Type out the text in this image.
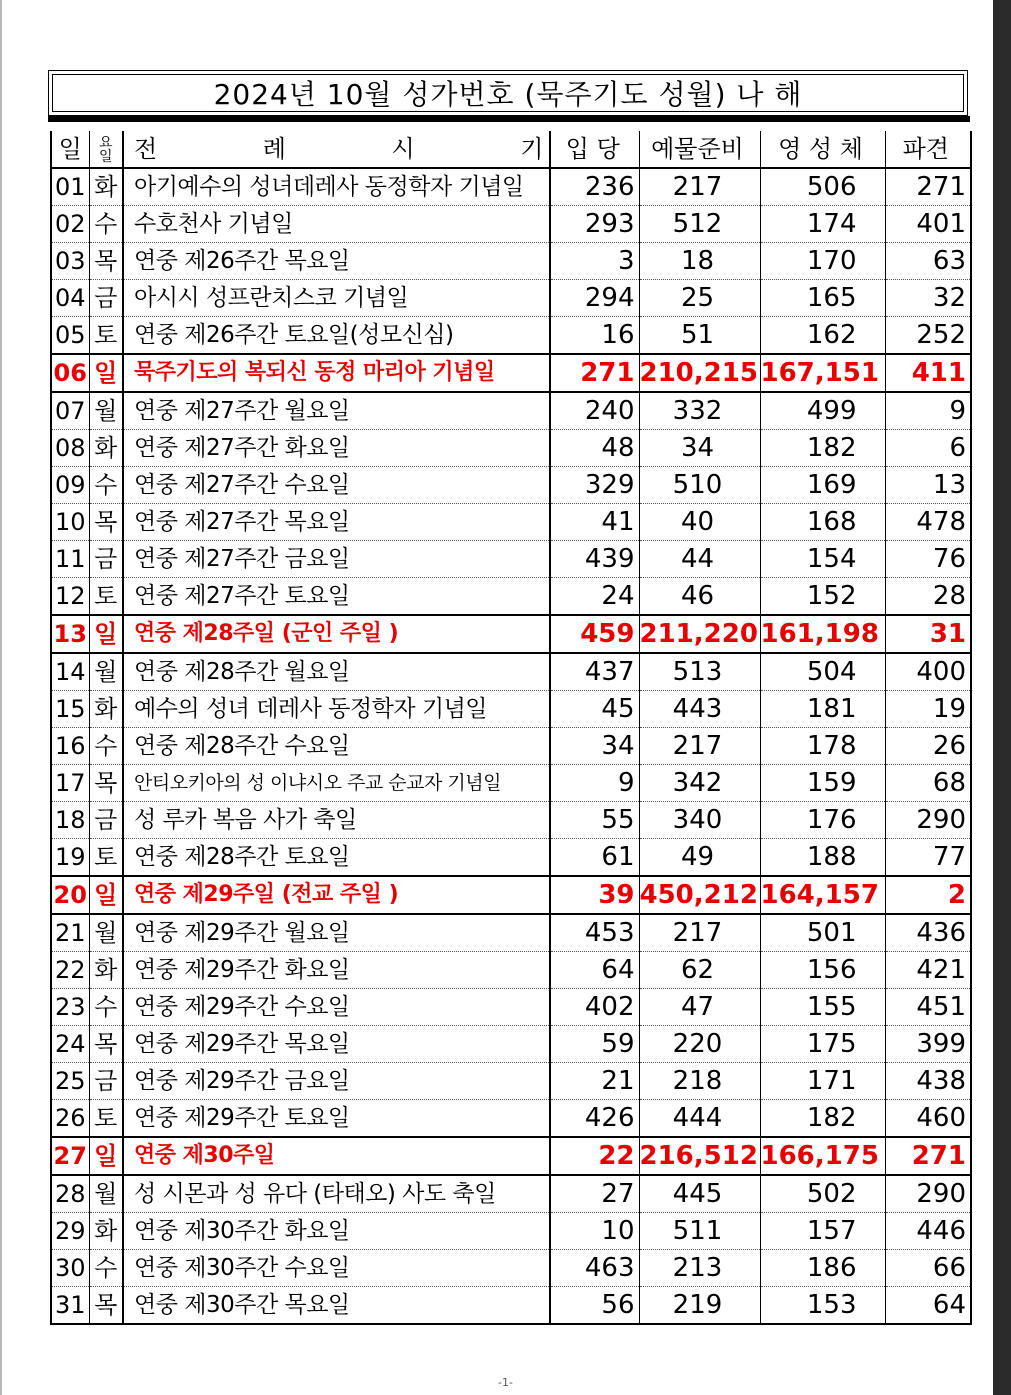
2024년 10월 성가번호 (묵주기도 성월) 나 해
일	요일	전 례 시 기	입 당	예물준비	영 성 체	파견
01	화	아기예수의 성녀데레사 동정학자 기념일	236	217	506	271
02	수	수호천사 기념일	293	512	174	401
03	목	연중 제26주간 목요일	3	18	170	63
04	금	아시시 성프란치스코 기념일	294	25	165	32
05	토	연중 제26주간 토요일(성모신심)	16	51	162	252
06	일	묵주기도의 복되신 동정 마리아 기념일	271	210,215	167,151	411
07	월	연중 제27주간 월요일	240	332	499	9
08	화	연중 제27주간 화요일	48	34	182	6
09	수	연중 제27주간 수요일	329	510	169	13
10	목	연중 제27주간 목요일	41	40	168	478
11	금	연중 제27주간 금요일	439	44	154	76
12	토	연중 제27주간 토요일	24	46	152	28
13	일	연중 제28주일 (군인 주일 )	459	211,220	161,198	31
14	월	연중 제28주간 월요일	437	513	504	400
15	화	예수의 성녀 데레사 동정학자 기념일	45	443	181	19
16	수	연중 제28주간 수요일	34	217	178	26
17	목	안티오키아의 성 이냐시오 주교 순교자 기념일	9	342	159	68
18	금	성 루카 복음 사가 축일	55	340	176	290
19	토	연중 제28주간 토요일	61	49	188	77
20	일	연중 제29주일 (전교 주일 )	39	450,212	164,157	2
21	월	연중 제29주간 월요일	453	217	501	436
22	화	연중 제29주간 화요일	64	62	156	421
23	수	연중 제29주간 수요일	402	47	155	451
24	목	연중 제29주간 목요일	59	220	175	399
25	금	연중 제29주간 금요일	21	218	171	438
26	토	연중 제29주간 토요일	426	444	182	460
27	일	연중 제30주일	22	216,512	166,175	271
28	월	성 시몬과 성 유다 (타태오) 사도 축일	27	445	502	290
29	화	연중 제30주간 화요일	10	511	157	446
30	수	연중 제30주간 수요일	463	213	186	66
31	목	연중 제30주간 목요일	56	219	153	64
-1-
